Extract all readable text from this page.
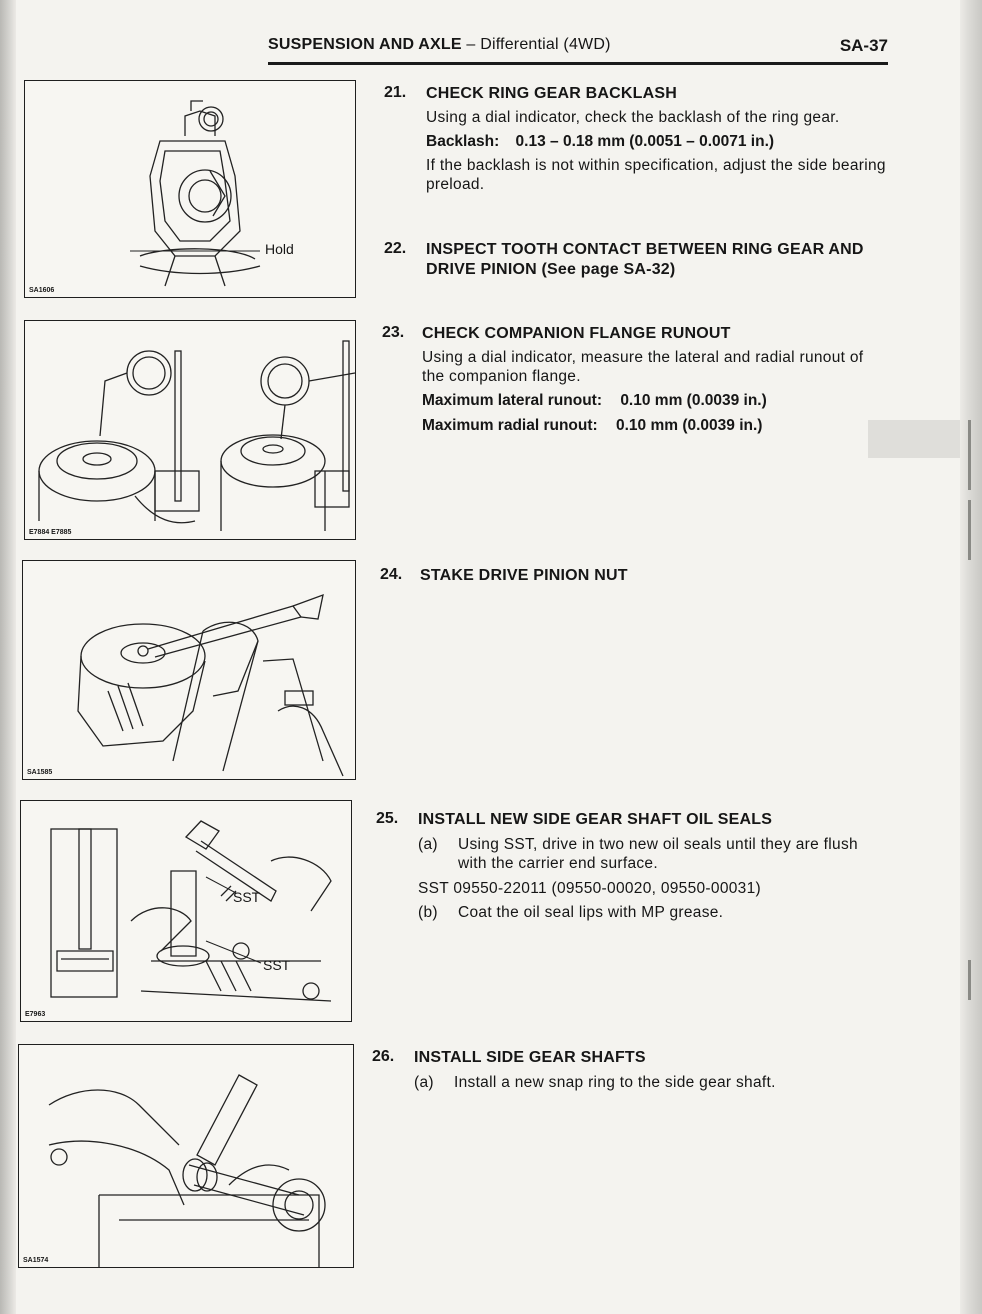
SUSPENSION AND AXLE – Differential (4WD)	SA-37
Hold
SA1606
21. CHECK RING GEAR BACKLASH
Using a dial indicator, check the backlash of the ring gear.
Backlash: 0.13 – 0.18 mm (0.0051 – 0.0071 in.)
If the backlash is not within specification, adjust the side bearing preload.
22. INSPECT TOOTH CONTACT BETWEEN RING GEAR AND DRIVE PINION (See page SA-32)
E7884 E7885
23. CHECK COMPANION FLANGE RUNOUT
Using a dial indicator, measure the lateral and radial runout of the companion flange.
Maximum lateral runout: 0.10 mm (0.0039 in.)
Maximum radial runout: 0.10 mm (0.0039 in.)
SA1585
24. STAKE DRIVE PINION NUT
SST
SST
E7963
25. INSTALL NEW SIDE GEAR SHAFT OIL SEALS
(a)	Using SST, drive in two new oil seals until they are flush with the carrier end surface.
SST 09550-22011 (09550-00020, 09550-00031)
(b)	Coat the oil seal lips with MP grease.
SA1574
26. INSTALL SIDE GEAR SHAFTS
(a)	Install a new snap ring to the side gear shaft.
